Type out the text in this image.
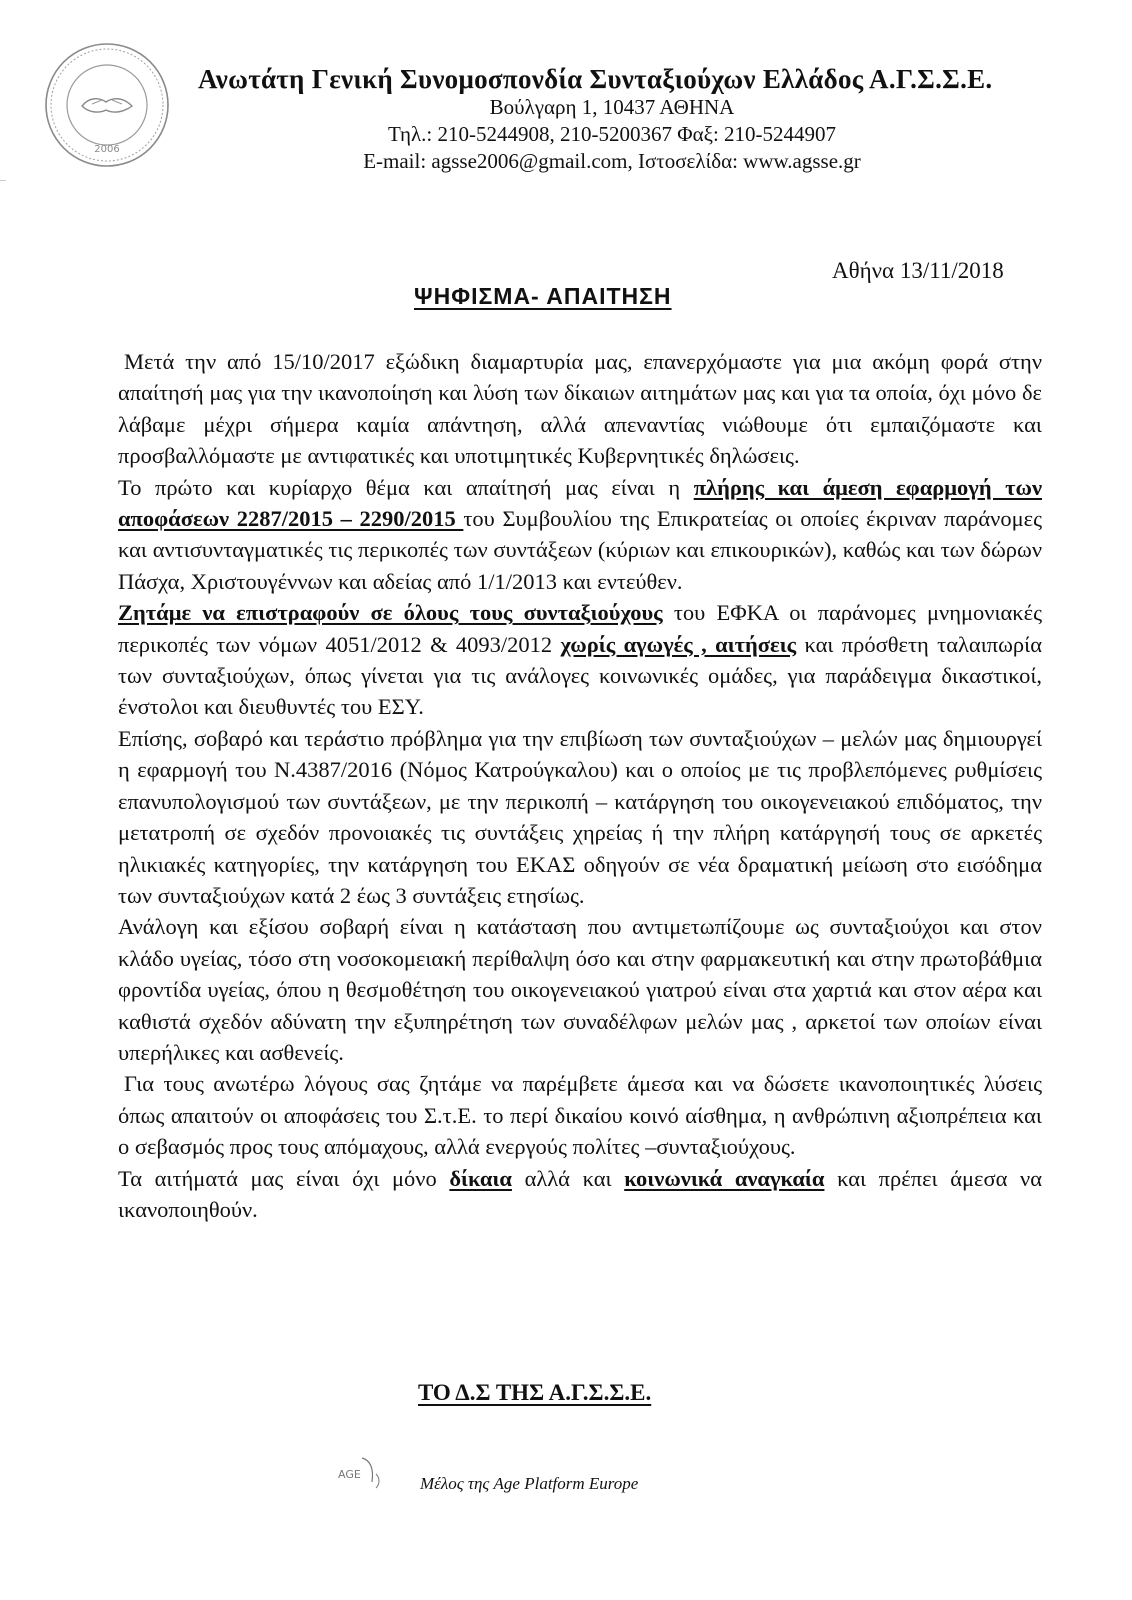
2006
Ανωτάτη Γενική Συνομοσπονδία Συνταξιούχων Ελλάδος Α.Γ.Σ.Σ.Ε.
Βούλγαρη 1, 10437 ΑΘΗΝΑ
Τηλ.: 210-5244908, 210-5200367 Φαξ: 210-5244907
E-mail: agsse2006@gmail.com, Ιστοσελίδα: www.agsse.gr
Αθήνα 13/11/2018
ΨΗΦΙΣΜΑ- ΑΠΑΙΤΗΣΗ

Μετά την από 15/10/2017 εξώδικη διαμαρτυρία μας, επανερχόμαστε για μια ακόμη φορά στην απαίτησή μας για την ικανοποίηση και λύση των δίκαιων αιτημάτων μας και για τα οποία, όχι μόνο δε λάβαμε μέχρι σήμερα καμία απάντηση, αλλά απεναντίας νιώθουμε ότι εμπαιζόμαστε και προσβαλλόμαστε με αντιφατικές και υποτιμητικές Κυβερνητικές δηλώσεις.

Το πρώτο και κυρίαρχο θέμα και απαίτησή μας είναι η πλήρης και άμεση εφαρμογή των αποφάσεων 2287/2015 – 2290/2015 του Συμβουλίου της Επικρατείας οι οποίες έκριναν παράνομες και αντισυνταγματικές τις περικοπές των συντάξεων (κύριων και επικουρικών), καθώς και των δώρων Πάσχα, Χριστουγέννων και αδείας από 1/1/2013 και εντεύθεν.

Ζητάμε να επιστραφούν σε όλους τους συνταξιούχους του ΕΦΚΑ οι παράνομες μνημονιακές περικοπές των νόμων 4051/2012 & 4093/2012 χωρίς αγωγές , αιτήσεις και πρόσθετη ταλαιπωρία των συνταξιούχων, όπως γίνεται για τις ανάλογες κοινωνικές ομάδες, για παράδειγμα δικαστικοί, ένστολοι και διευθυντές του ΕΣΥ.

Επίσης, σοβαρό και τεράστιο πρόβλημα για την επιβίωση των συνταξιούχων – μελών μας δημιουργεί η εφαρμογή του Ν.4387/2016 (Νόμος Κατρούγκαλου) και ο οποίος με τις προβλεπόμενες ρυθμίσεις επανυπολογισμού των συντάξεων, με την περικοπή – κατάργηση του οικογενειακού επιδόματος, την μετατροπή σε σχεδόν προνοιακές τις συντάξεις χηρείας ή την πλήρη κατάργησή τους σε αρκετές ηλικιακές κατηγορίες, την κατάργηση του ΕΚΑΣ οδηγούν σε νέα δραματική μείωση στο εισόδημα των συνταξιούχων κατά 2 έως 3 συντάξεις ετησίως.

Ανάλογη και εξίσου σοβαρή είναι η κατάσταση που αντιμετωπίζουμε ως συνταξιούχοι και στον κλάδο υγείας, τόσο στη νοσοκομειακή περίθαλψη όσο και στην φαρμακευτική και στην πρωτοβάθμια φροντίδα υγείας, όπου η θεσμοθέτηση του οικογενειακού γιατρού είναι στα χαρτιά και στον αέρα και καθιστά σχεδόν αδύνατη την εξυπηρέτηση των συναδέλφων μελών μας , αρκετοί των οποίων είναι υπερήλικες και ασθενείς.

Για τους ανωτέρω λόγους σας ζητάμε να παρέμβετε άμεσα και να δώσετε ικανοποιητικές λύσεις όπως απαιτούν οι αποφάσεις του Σ.τ.Ε. το περί δικαίου κοινό αίσθημα, η ανθρώπινη αξιοπρέπεια και ο σεβασμός προς τους απόμαχους, αλλά ενεργούς πολίτες –συνταξιούχους.

Τα αιτήματά μας είναι όχι μόνο δίκαια αλλά και κοινωνικά αναγκαία και πρέπει άμεσα να ικανοποιηθούν.

ΤΟ Δ.Σ ΤΗΣ Α.Γ.Σ.Σ.Ε.
AGE	Μέλος της Age Platform Europe
